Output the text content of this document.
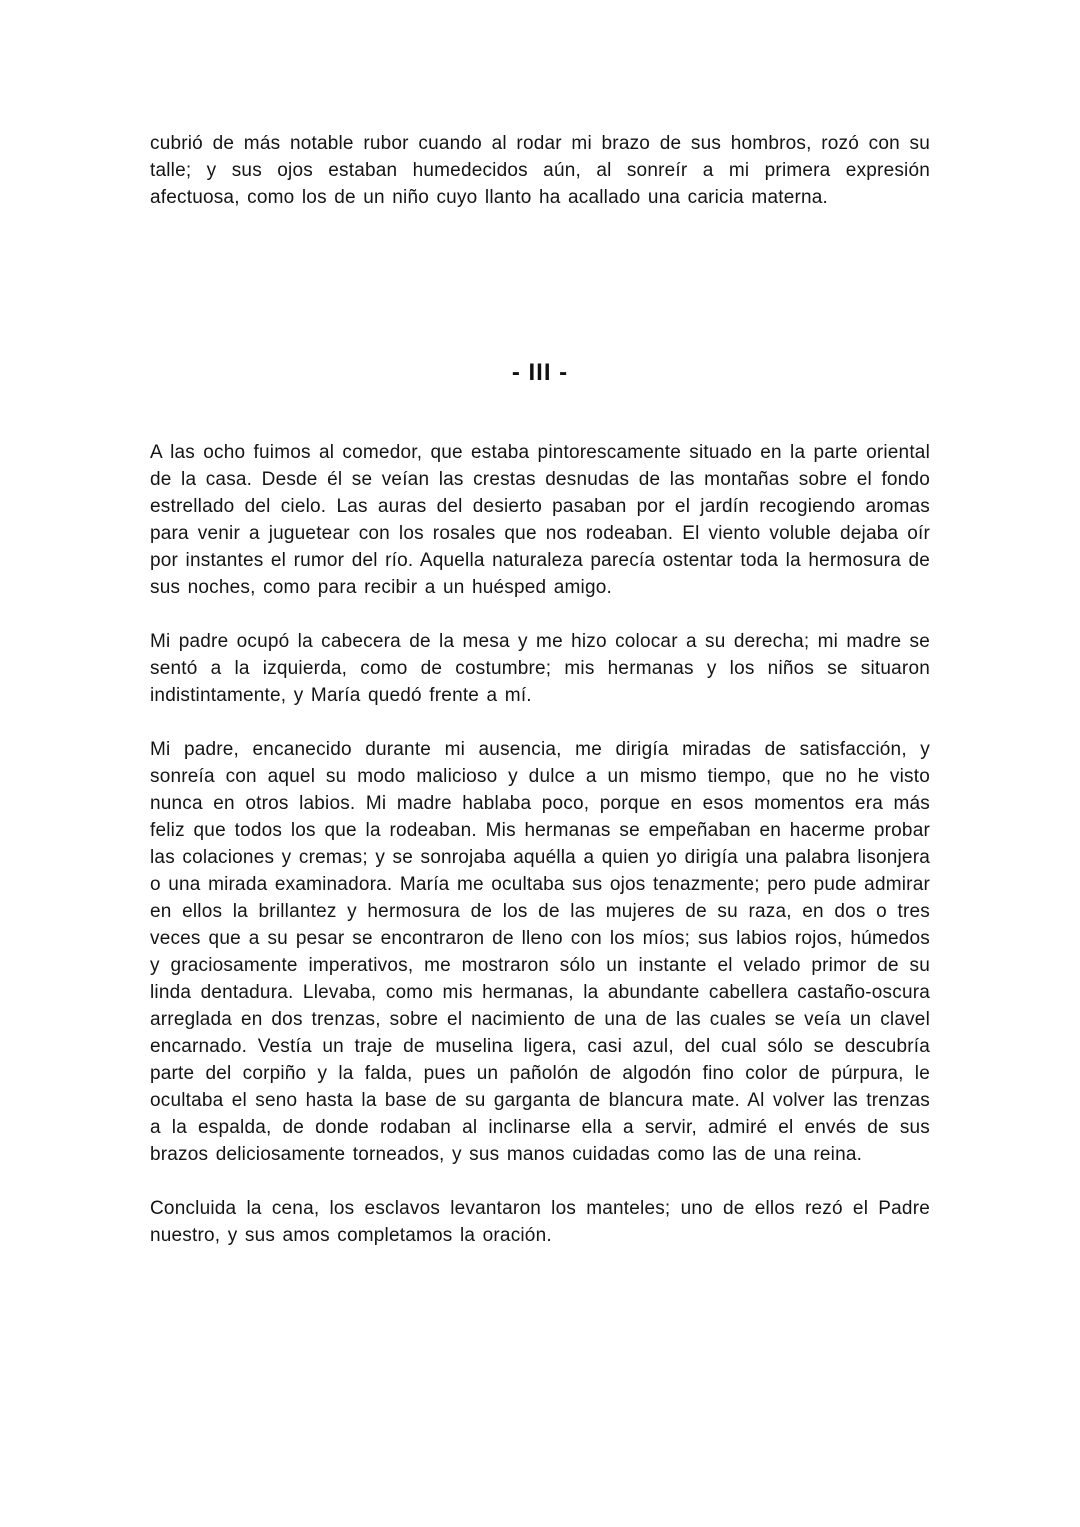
cubrió de más notable rubor cuando al rodar mi brazo de sus hombros, rozó con su talle; y sus ojos estaban humedecidos aún, al sonreír a mi primera expresión afectuosa, como los de un niño cuyo llanto ha acallado una caricia materna.

- III -

A las ocho fuimos al comedor, que estaba pintorescamente situado en la parte oriental de la casa. Desde él se veían las crestas desnudas de las montañas sobre el fondo estrellado del cielo. Las auras del desierto pasaban por el jardín recogiendo aromas para venir a juguetear con los rosales que nos rodeaban. El viento voluble dejaba oír por instantes el rumor del río. Aquella naturaleza parecía ostentar toda la hermosura de sus noches, como para recibir a un huésped amigo.

Mi padre ocupó la cabecera de la mesa y me hizo colocar a su derecha; mi madre se sentó a la izquierda, como de costumbre; mis hermanas y los niños se situaron indistintamente, y María quedó frente a mí.

Mi padre, encanecido durante mi ausencia, me dirigía miradas de satisfacción, y sonreía con aquel su modo malicioso y dulce a un mismo tiempo, que no he visto nunca en otros labios. Mi madre hablaba poco, porque en esos momentos era más feliz que todos los que la rodeaban. Mis hermanas se empeñaban en hacerme probar las colaciones y cremas; y se sonrojaba aquélla a quien yo dirigía una palabra lisonjera o una mirada examinadora. María me ocultaba sus ojos tenazmente; pero pude admirar en ellos la brillantez y hermosura de los de las mujeres de su raza, en dos o tres veces que a su pesar se encontraron de lleno con los míos; sus labios rojos, húmedos y graciosamente imperativos, me mostraron sólo un instante el velado primor de su linda dentadura. Llevaba, como mis hermanas, la abundante cabellera castaño-oscura arreglada en dos trenzas, sobre el nacimiento de una de las cuales se veía un clavel encarnado. Vestía un traje de muselina ligera, casi azul, del cual sólo se descubría parte del corpiño y la falda, pues un pañolón de algodón fino color de púrpura, le ocultaba el seno hasta la base de su garganta de blancura mate. Al volver las trenzas a la espalda, de donde rodaban al inclinarse ella a servir, admiré el envés de sus brazos deliciosamente torneados, y sus manos cuidadas como las de una reina.

Concluida la cena, los esclavos levantaron los manteles; uno de ellos rezó el Padre nuestro, y sus amos completamos la oración.
